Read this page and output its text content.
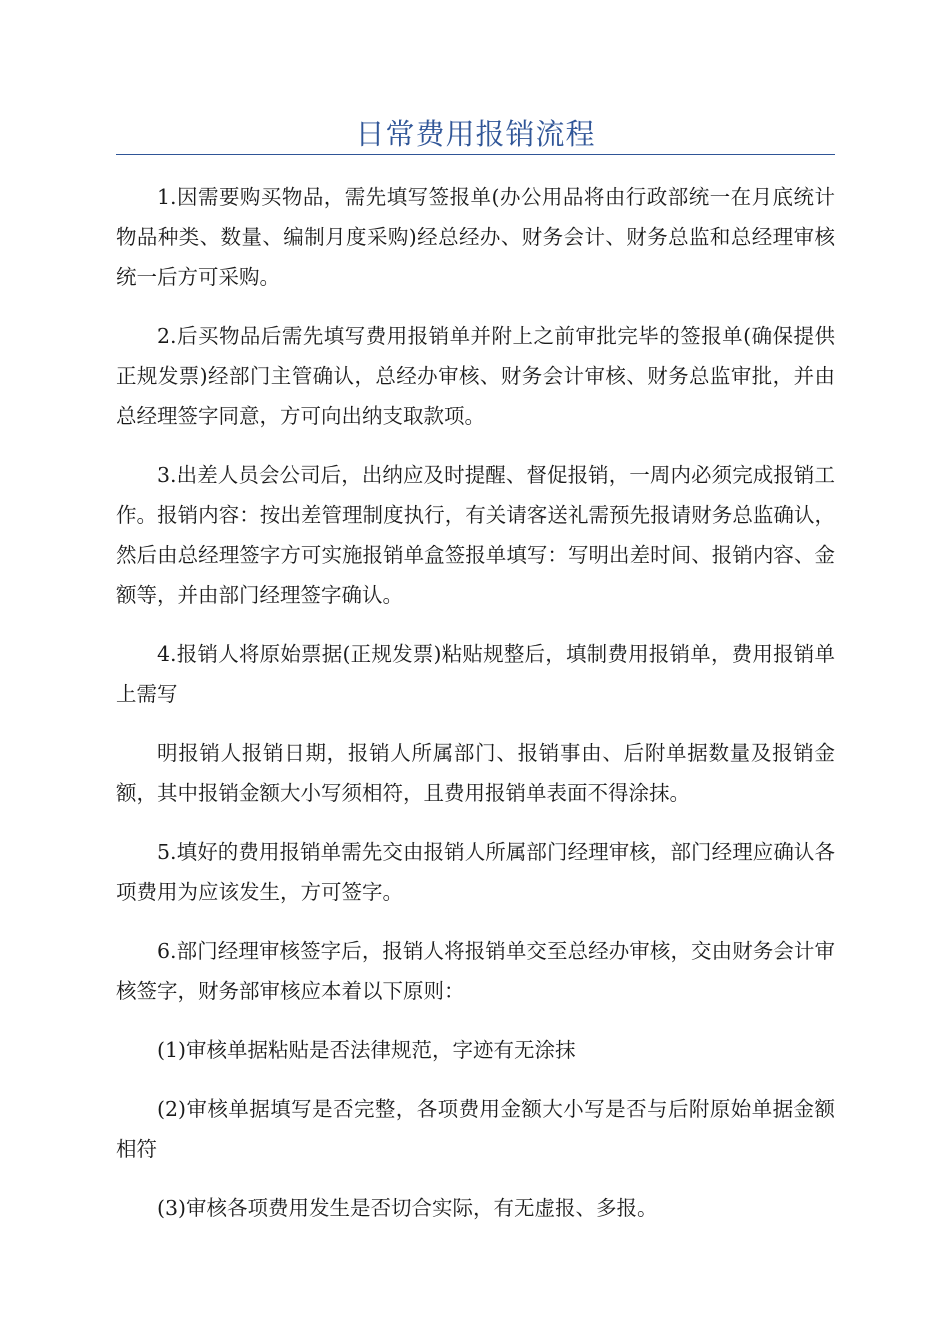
日常费用报销流程

1.因需要购买物品，需先填写签报单(办公用品将由行政部统一在月底统计物品种类、数量、编制月度采购)经总经办、财务会计、财务总监和总经理审核统一后方可采购。

2.后买物品后需先填写费用报销单并附上之前审批完毕的签报单(确保提供正规发票)经部门主管确认，总经办审核、财务会计审核、财务总监审批，并由总经理签字同意，方可向出纳支取款项。

3.出差人员会公司后，出纳应及时提醒、督促报销，一周内必须完成报销工作。报销内容：按出差管理制度执行，有关请客送礼需预先报请财务总监确认，然后由总经理签字方可实施报销单盒签报单填写：写明出差时间、报销内容、金额等，并由部门经理签字确认。

4.报销人将原始票据(正规发票)粘贴规整后，填制费用报销单，费用报销单上需写

明报销人报销日期，报销人所属部门、报销事由、后附单据数量及报销金额，其中报销金额大小写须相符，且费用报销单表面不得涂抹。

5.填好的费用报销单需先交由报销人所属部门经理审核，部门经理应确认各项费用为应该发生，方可签字。

6.部门经理审核签字后，报销人将报销单交至总经办审核，交由财务会计审核签字，财务部审核应本着以下原则：

(1)审核单据粘贴是否法律规范，字迹有无涂抹

(2)审核单据填写是否完整，各项费用金额大小写是否与后附原始单据金额相符

(3)审核各项费用发生是否切合实际，有无虚报、多报。
